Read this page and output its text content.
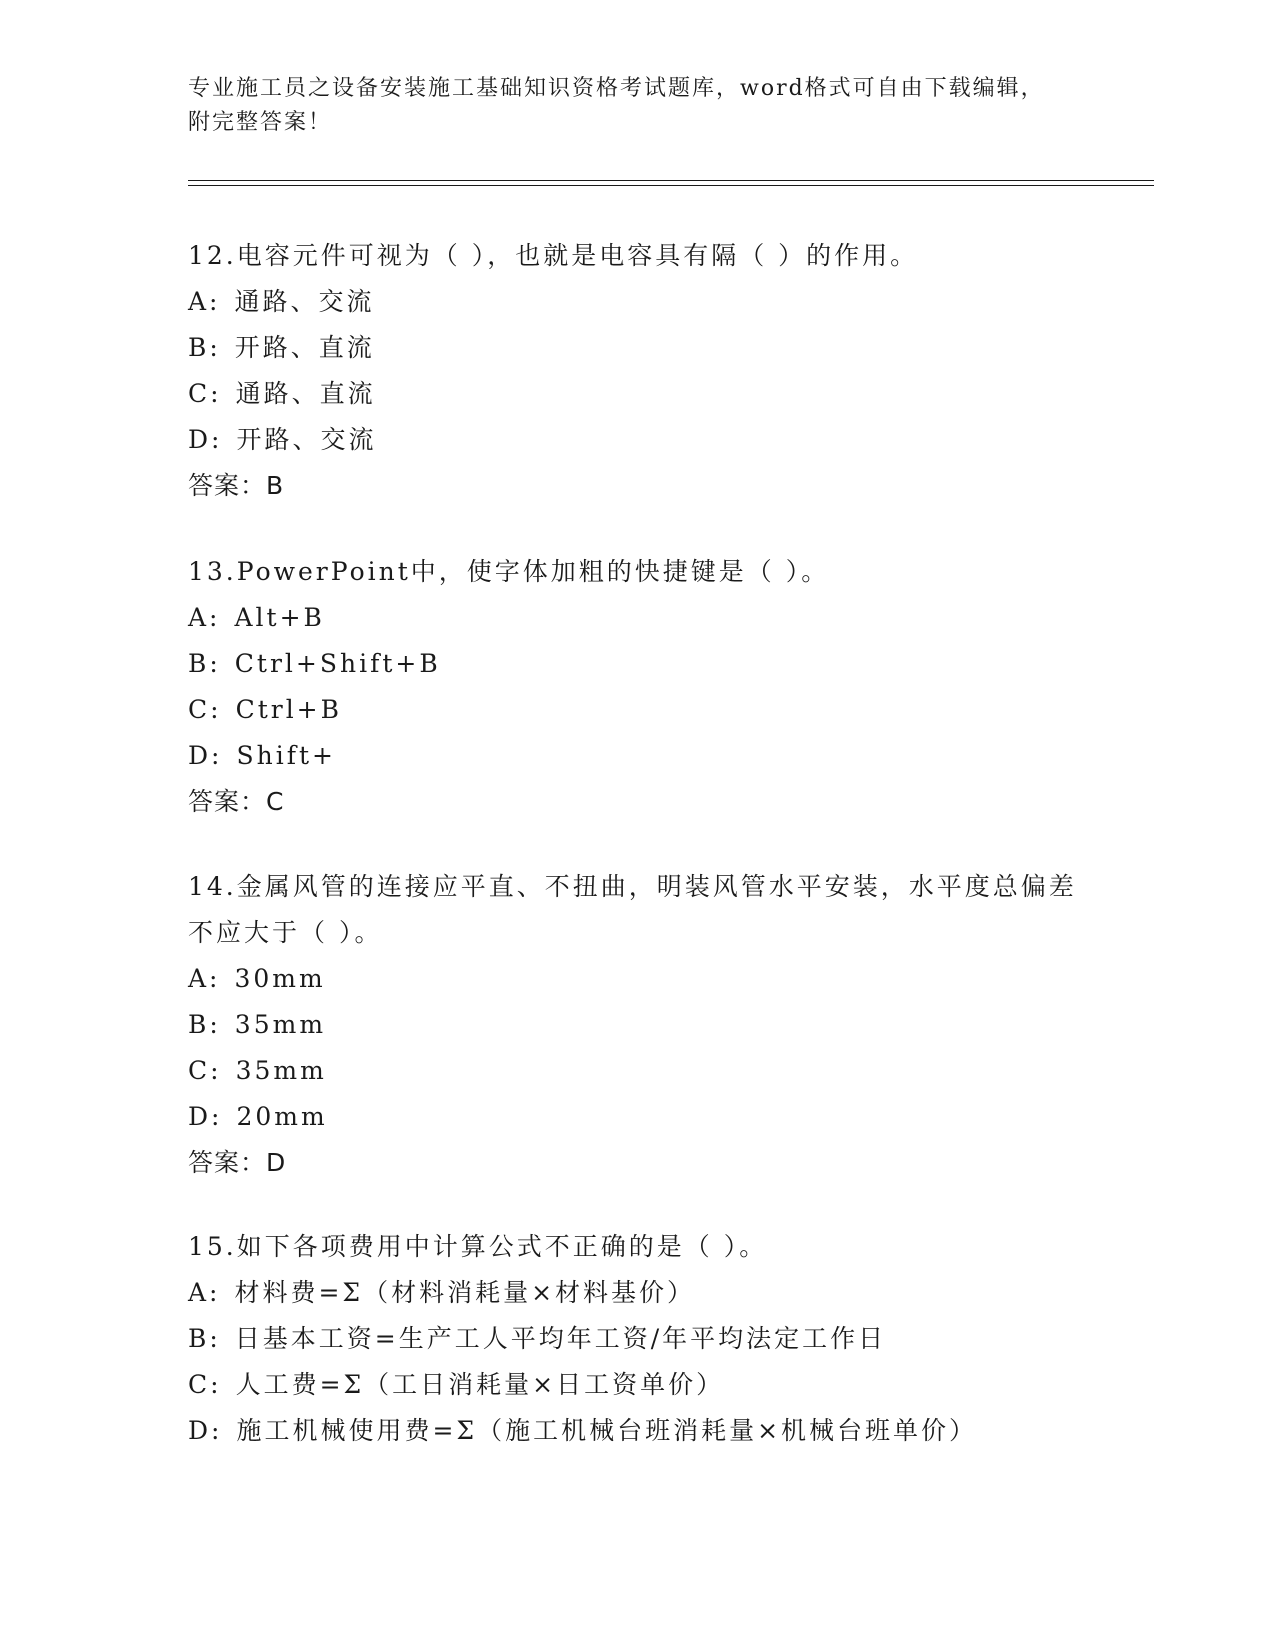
专业施工员之设备安装施工基础知识资格考试题库，word格式可自由下载编辑，
附完整答案！
12.电容元件可视为（ ），也就是电容具有隔（ ）的作用。
A: 通路、交流
B: 开路、直流
C: 通路、直流
D: 开路、交流
答案：B
13.PowerPoint中，使字体加粗的快捷键是（ ）。
A: Alt+B
B: Ctrl+Shift+B
C: Ctrl+B
D: Shift+
答案：C
14.金属风管的连接应平直、不扭曲，明装风管水平安装，水平度总偏差不应大于（ ）。
A: 30mm
B: 35mm
C: 35mm
D: 20mm
答案：D
15.如下各项费用中计算公式不正确的是（ ）。
A: 材料费=Σ（材料消耗量×材料基价）
B: 日基本工资=生产工人平均年工资/年平均法定工作日
C: 人工费=Σ（工日消耗量×日工资单价）
D: 施工机械使用费=Σ（施工机械台班消耗量×机械台班单价）
